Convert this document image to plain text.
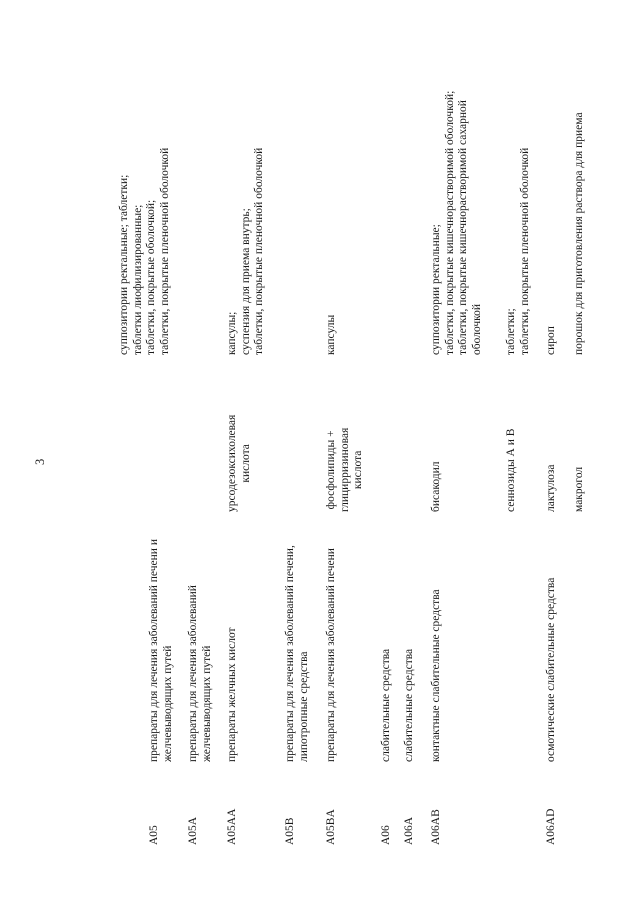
3
суппозитории ректальные; таблетки; таблетки лиофилизированные; таблетки, покрытые оболочкой; таблетки, покрытые пленочной оболочкой
A05
препараты для лечения заболеваний печени и желчевыводящих путей
A05A
препараты для лечения заболеваний желчевыводящих путей
A05AA
препараты желчных кислот
урсодезоксихолевая кислота
капсулы; суспензия для приема внутрь; таблетки, покрытые пленочной оболочкой
A05B
препараты для лечения заболеваний печени, липотропные средства
A05BA
препараты для лечения заболеваний печени
фосфолипиды + глицирризиновая кислота
капсулы
A06
слабительные средства
A06A
слабительные средства
A06AB
контактные слабительные средства
бисакодил
суппозитории ректальные; таблетки, покрытые кишечнорастворимой оболочкой; таблетки, покрытые кишечнорастворимой сахарной оболочкой
сеннозиды А и В
таблетки; таблетки, покрытые пленочной оболочкой
A06AD
осмотические слабительные средства
лактулоза
сироп
макрогол
порошок для приготовления раствора для приема
